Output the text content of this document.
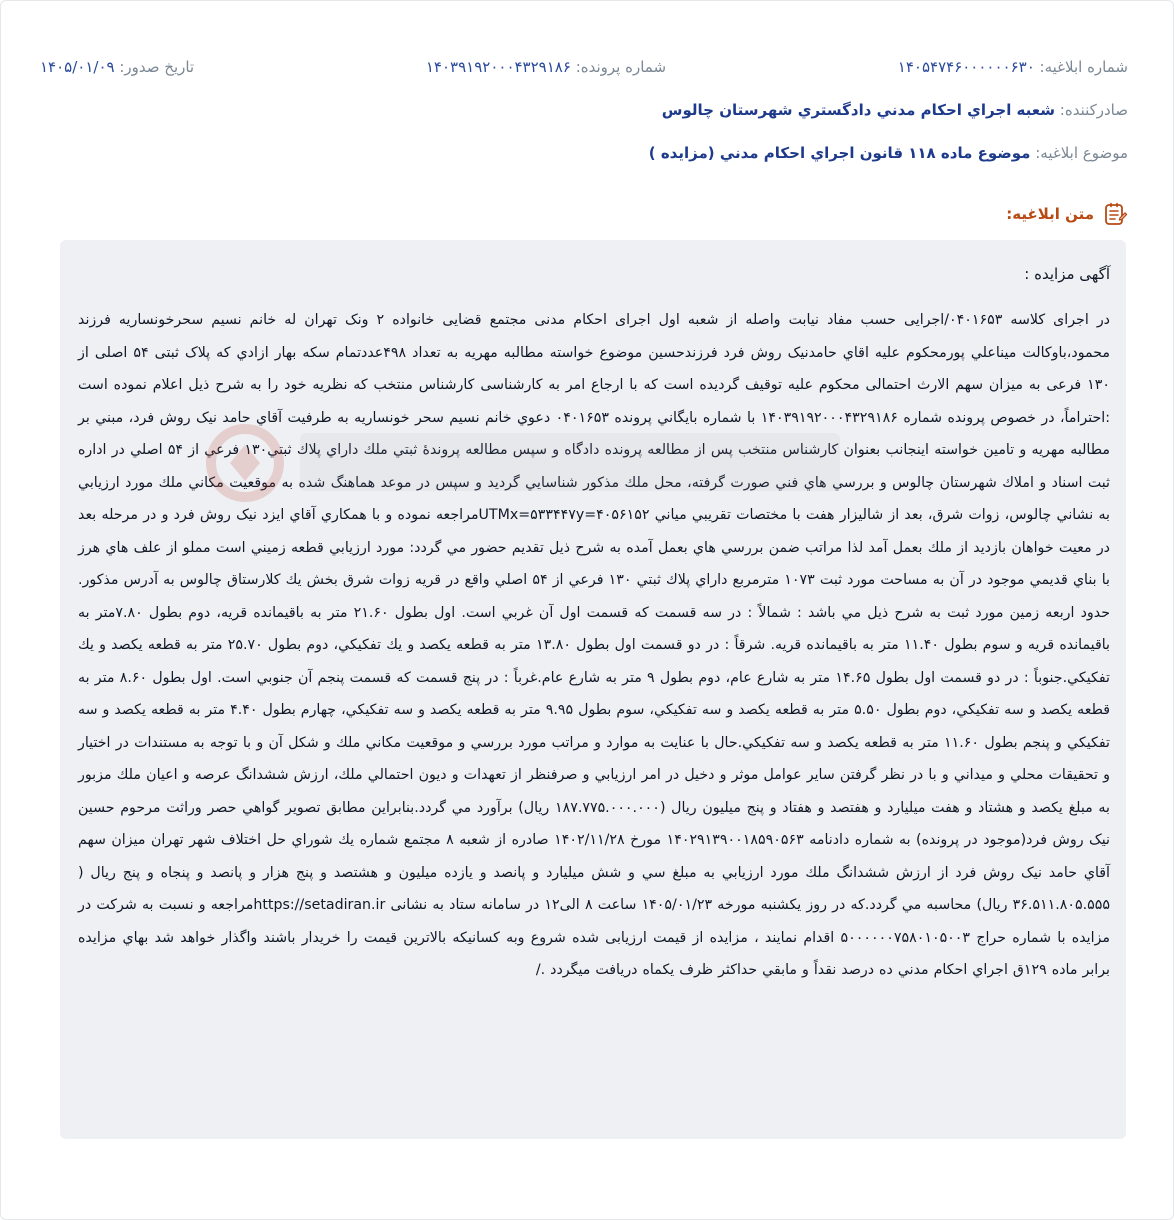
شماره ابلاغیه: ۱۴۰۵۴۷۴۶۰۰۰۰۰۰۶۳۰
شماره پرونده: ۱۴۰۳۹۱۹۲۰۰۰۴۳۲۹۱۸۶
تاریخ صدور: ۱۴۰۵/۰۱/۰۹
صادرکننده: شعبه اجراي احكام مدني دادگستري شهرستان چالوس
موضوع ابلاغیه: موضوع ماده ۱۱۸ قانون اجراي احكام مدني (مزايده )
متن ابلاغیه:
آگهی مزایده :
در اجرای کلاسه ۰۴۰۱۶۵۳/اجرایی حسب مفاد نیابت واصله از شعبه اول اجرای احکام مدنی مجتمع قضایی خانواده ۲ ونک تهران له خانم نسیم سحرخونساریه فرزند محمود،باوکالت میناعلي پورمحکوم علیه اقاي حامدنیک روش فرد فرزندحسین موضوع خواسته مطالبه مهریه به تعداد ۴۹۸عددتمام سکه بهار ازادي که پلاک ثبتی ۵۴ اصلی از ۱۳۰ فرعی به میزان سهم الارث احتمالی محکوم علیه توقیف گردیده است که با ارجاع امر به کارشناسی کارشناس منتخب که نظریه خود را به شرح ذیل اعلام نموده است :احتراماً، در خصوص پرونده شماره ۱۴۰۳۹۱۹۲۰۰۰۴۳۲۹۱۸۶ با شماره بايگاني پرونده ۰۴۰۱۶۵۳ دعوي خانم نسيم سحر خونساريه به طرفيت آقاي حامد نيک روش فرد، مبني بر مطالبه مهريه و تامين خواسته اينجانب بعنوان كارشناس منتخب پس از مطالعه پرونده دادگاه و سپس مطالعه پروندۀ ثبتي ملك داراي پلاك ثبتي۱۳۰ فرعي از ۵۴ اصلي در اداره ثبت اسناد و املاك شهرستان چالوس و بررسي هاي فني صورت گرفته، محل ملك مذكور شناسايي گرديد و سپس در موعد هماهنگ شده به موقعيت مكاني ملك مورد ارزيابي به نشاني چالوس، زوات شرق، بعد از شاليزار هفت با مختصات تقريبي مياني UTMx=۵۳۳۴۴۷y=۴۰۵۶۱۵۲مراجعه نموده و با همكاري آقاي ايزد نيک روش فرد و در مرحله بعد در معيت خواهان بازديد از ملك بعمل آمد لذا مراتب ضمن بررسي هاي بعمل آمده به شرح ذيل تقديم حضور مي گردد: مورد ارزيابي قطعه زميني است مملو از علف هاي هرز با بناي قديمي موجود در آن به مساحت مورد ثبت ۱۰۷۳ مترمربع داراي پلاك ثبتي ۱۳۰ فرعي از ۵۴ اصلي واقع در قريه زوات شرق بخش يك كلارستاق چالوس به آدرس مذكور. حدود اربعه زمين مورد ثبت به شرح ذيل مي باشد : شمالاً : در سه قسمت كه قسمت اول آن غربي است. اول بطول ۲۱.۶۰ متر به باقيمانده قريه، دوم بطول ۷.۸۰متر به باقيمانده قريه و سوم بطول ۱۱.۴۰ متر به باقيمانده قريه. شرقاً : در دو قسمت اول بطول ۱۳.۸۰ متر به قطعه يكصد و يك تفكيكي، دوم بطول ۲۵.۷۰ متر به قطعه يكصد و يك تفكيكي.جنوباً : در دو قسمت اول بطول ۱۴.۶۵ متر به شارع عام، دوم بطول ۹ متر به شارع عام.غرباً : در پنج قسمت كه قسمت پنجم آن جنوبي است. اول بطول ۸.۶۰ متر به قطعه يكصد و سه تفكيكي، دوم بطول ۵.۵۰ متر به قطعه يكصد و سه تفكيكي، سوم بطول ۹.۹۵ متر به قطعه يكصد و سه تفكيكي، چهارم بطول ۴.۴۰ متر به قطعه يكصد و سه تفكيكي و پنجم بطول ۱۱.۶۰ متر به قطعه يكصد و سه تفكيكي.حال با عنايت به موارد و مراتب مورد بررسي و موقعيت مكاني ملك و شكل آن و با توجه به مستندات در اختيار و تحقيقات محلي و ميداني و با در نظر گرفتن ساير عوامل موثر و دخيل در امر ارزيابي و صرفنظر از تعهدات و ديون احتمالي ملك، ارزش ششدانگ عرصه و اعيان ملك مزبور به مبلغ يكصد و هشتاد و هفت ميليارد و هفتصد و هفتاد و پنج ميليون ريال (۱۸۷.۷۷۵.۰۰۰.۰۰۰ ريال) برآورد مي گردد.بنابراين مطابق تصوير گواهي حصر وراثت مرحوم حسين نيک روش فرد(موجود در پرونده) به شماره دادنامه ۱۴۰۲۹۱۳۹۰۰۱۸۵۹۰۵۶۳ مورخ ۱۴۰۲/۱۱/۲۸ صادره از شعبه ۸ مجتمع شماره يك شوراي حل اختلاف شهر تهران ميزان سهم آقاي حامد نيک روش فرد از ارزش ششدانگ ملك مورد ارزيابي به مبلغ سي و شش ميليارد و پانصد و يازده ميليون و هشتصد و پنج هزار و پانصد و پنجاه و پنج ريال ( ۳۶.۵۱۱.۸۰۵.۵۵۵ ريال) محاسبه مي گردد.كه در روز یکشنبه مورخه ۱۴۰۵/۰۱/۲۳ ساعت ۸ الی۱۲ در سامانه ستاد به نشانی https://setadiran.irمراجعه و نسبت به شرکت در مزایده با شماره حراج ۵۰۰۰۰۰۰۷۵۸۰۱۰۵۰۰۳ اقدام نمایند ، مزایده از قیمت ارزیابی شده شروع وبه کسانیکه بالاترین قیمت را خریدار باشند واگذار خواهد شد بهاي مزايده برابر ماده ۱۲۹ق اجراي احكام مدني ده درصد نقداً و مابقي حداكثر ظرف يكماه دريافت ميگردد ./
